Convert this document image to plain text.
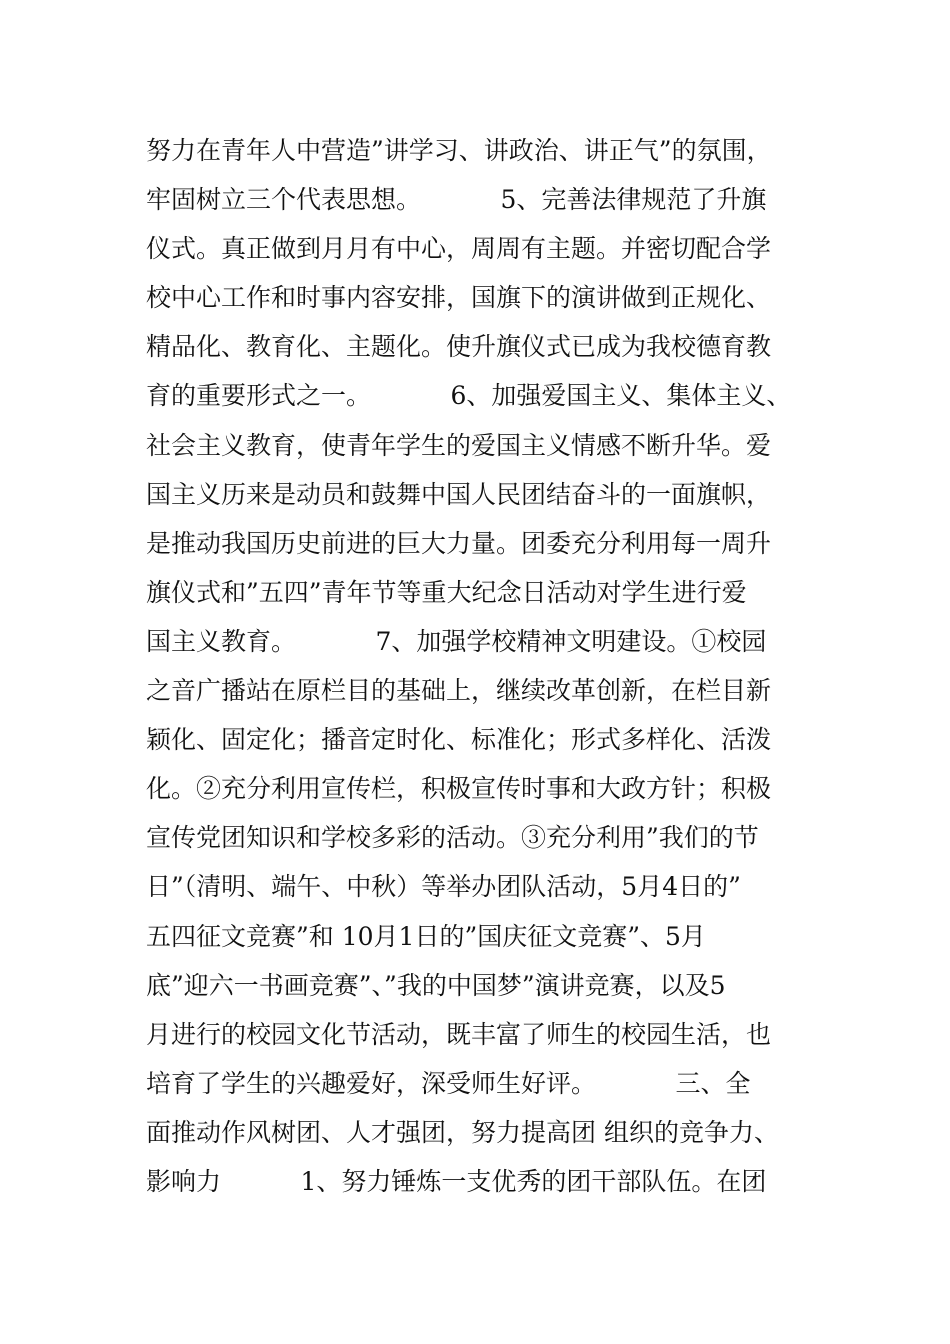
努力在青年人中营造”讲学习、讲政治、讲正气”的氛围，
牢固树立三个代表思想。          5、完善法律规范了升旗
仪式。真正做到月月有中心，周周有主题。并密切配合学
校中心工作和时事内容安排，国旗下的演讲做到正规化、
精品化、教育化、主题化。使升旗仪式已成为我校德育教
育的重要形式之一。          6、加强爱国主义、集体主义、
社会主义教育，使青年学生的爱国主义情感不断升华。爱
国主义历来是动员和鼓舞中国人民团结奋斗的一面旗帜，
是推动我国历史前进的巨大力量。团委充分利用每一周升
旗仪式和”五四”青年节等重大纪念日活动对学生进行爱
国主义教育。          7、加强学校精神文明建设。①校园
之音广播站在原栏目的基础上，继续改革创新，在栏目新
颖化、固定化；播音定时化、标准化；形式多样化、活泼
化。②充分利用宣传栏，积极宣传时事和大政方针；积极
宣传党团知识和学校多彩的活动。③充分利用”我们的节
日”（清明、端午、中秋）等举办团队活动，5月4日的”
五四征文竞赛”和 10月1日的”国庆征文竞赛”、5月
底”迎六一书画竞赛”、”我的中国梦”演讲竞赛，以及5
月进行的校园文化节活动，既丰富了师生的校园生活，也
培育了学生的兴趣爱好，深受师生好评。          三、全
面推动作风树团、人才强团，努力提高团 组织的竞争力、
影响力          1、努力锤炼一支优秀的团干部队伍。在团
